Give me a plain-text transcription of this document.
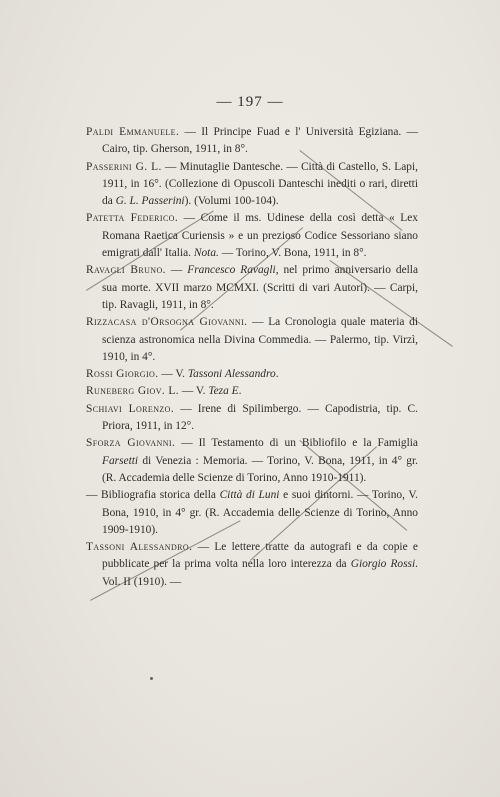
— 197 —

Paldi Emmanuele. — Il Principe Fuad e l' Università Egiziana. — Cairo, tip. Gherson, 1911, in 8°.

Passerini G. L. — Minutaglie Dantesche. — Città di Castello, S. Lapi, 1911, in 16°. (Collezione di Opuscoli Danteschi inediti o rari, diretti da G. L. Passerini). (Volumi 100-104).

Patetta Federico. — Come il ms. Udinese della così detta « Lex Romana Raetica Curiensis » e un prezioso Codice Sessoriano siano emigrati dall' Italia. Nota. — Torino, V. Bona, 1911, in 8°.

Ravagli Bruno. — Francesco Ravagli, nel primo anniversario della sua morte. XVII marzo MCMXI. (Scritti di vari Autori). — Carpi, tip. Ravagli, 1911, in 8°.

Rizzacasa d'Orsogna Giovanni. — La Cronologia quale materia di scienza astronomica nella Divina Commedia. — Palermo, tip. Virzì, 1910, in 4°.

Rossi Giorgio. — V. Tassoni Alessandro.

Runeberg Giov. L. — V. Teza E.

Schiavi Lorenzo. — Irene di Spilimbergo. — Capodistria, tip. C. Priora, 1911, in 12°.

Sforza Giovanni. — Il Testamento di un Bibliofilo e la Famiglia Farsetti di Venezia : Memoria. — Torino, V. Bona, 1911, in 4° gr. (R. Accademia delle Scienze di Torino, Anno 1910-1911).

— Bibliografia storica della Città di Luni e suoi dintorni. — Torino, V. Bona, 1910, in 4° gr. (R. Accademia delle Scienze di Torino, Anno 1909-1910).

Tassoni Alessandro. — Le lettere tratte da autografi e da copie e pubblicate per la prima volta nella loro interezza da Giorgio Rossi. Vol. II (1910). —
